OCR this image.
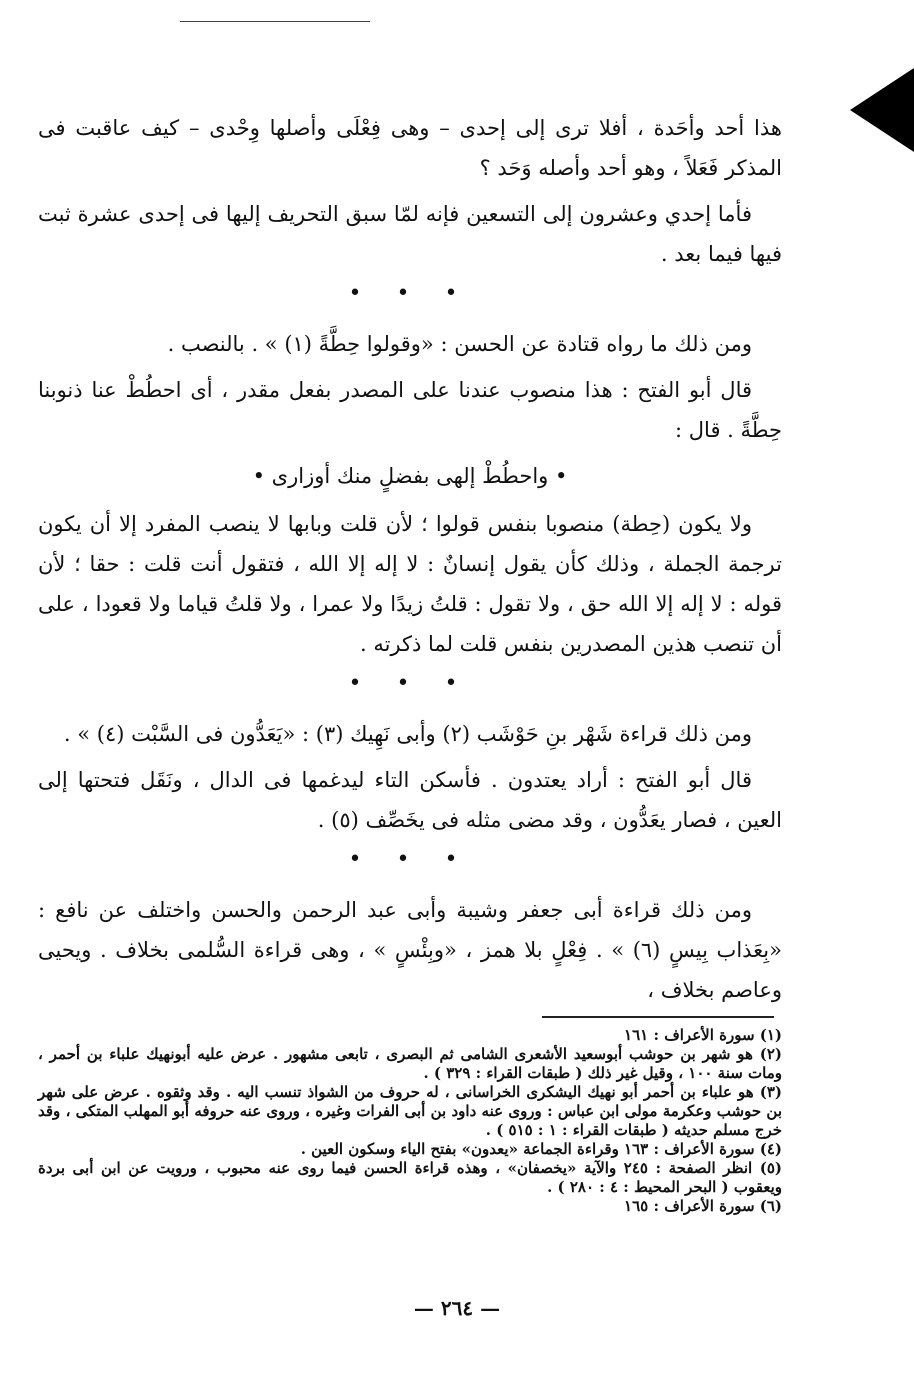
هذا أحد وأحَدة ، أفلا ترى إلى إحدى – وهى فِعْلَى وأصلها وِحْدى – كيف عاقبت فى المذكر فَعَلاً ، وهو أحد وأصله وَحَد ؟

فأما إحدي وعشرون إلى التسعين فإنه لمّا سبق التحريف إليها فى إحدى عشرة ثبت فيها فيما بعد .

• • •

ومن ذلك ما رواه قتادة عن الحسن : «وقولوا حِطَّةً (١) » . بالنصب .

قال أبو الفتح : هذا منصوب عندنا على المصدر بفعل مقدر ، أى احطُطْ عنا ذنوبنا حِطَّةً . قال :

• واحطُطْ إلهى بفضلٍ منك أوزارى •

ولا يكون (حِطة) منصوبا بنفس قولوا ؛ لأن قلت وبابها لا ينصب المفرد إلا أن يكون ترجمة الجملة ، وذلك كأن يقول إنسانٌ : لا إله إلا الله ، فتقول أنت قلت : حقا ؛ لأن قوله : لا إله إلا الله حق ، ولا تقول : قلتُ زيدًا ولا عمرا ، ولا قلتُ قياما ولا قعودا ، على أن تنصب هذين المصدرين بنفس قلت لما ذكرته .

• • •

ومن ذلك قراءة شَهْر بنِ حَوْشَب (٢) وأبى نَهِيك (٣) : «يَعَدُّون فى السَّبْت (٤) » .

قال أبو الفتح : أراد يعتدون . فأسكن التاء ليدغمها فى الدال ، ونَقَل فتحتها إلى العين ، فصار يعَدُّون ، وقد مضى مثله فى يخَصِّف (٥) .

• • •

ومن ذلك قراءة أبى جعفر وشيبة وأبى عبد الرحمن والحسن واختلف عن نافع : «بِعَذاب بِيسٍ (٦) » . فِعْلٍ بلا همز ، «وبِئْسٍ » ، وهى قراءة السُّلمى بخلاف . ويحيى وعاصم بخلاف ،

(١) سورة الأعراف : ١٦١
(٢) هو شهر بن حوشب أبوسعيد الأشعرى الشامى ثم البصرى ، تابعى مشهور . عرض عليه أبونهيك علباء بن أحمر ، ومات سنة ١٠٠ ، وقيل غير ذلك ( طبقات القراء : ٣٢٩ ) .
(٣) هو علباء بن أحمر أبو نهيك اليشكرى الخراسانى ، له حروف من الشواذ تنسب اليه . وقد وثقوه . عرض على شهر بن حوشب وعكرمة مولى ابن عباس : وروى عنه داود بن أبى الفرات وغيره ، وروى عنه حروفه أبو المهلب المتكى ، وقد خرج مسلم حديثه ( طبقات القراء : ١ : ٥١٥ ) .
(٤) سورة الأعراف : ١٦٣ وقراءة الجماعة «يعدون» بفتح الياء وسكون العين .
(٥) انظر الصفحة : ٢٤٥ والآية «يخصفان» ، وهذه قراءة الحسن فيما روى عنه محبوب ، ورويت عن ابن أبى بردة ويعقوب ( البحر المحيط : ٤ : ٢٨٠ ) .
(٦) سورة الأعراف : ١٦٥
— ٢٦٤ —
